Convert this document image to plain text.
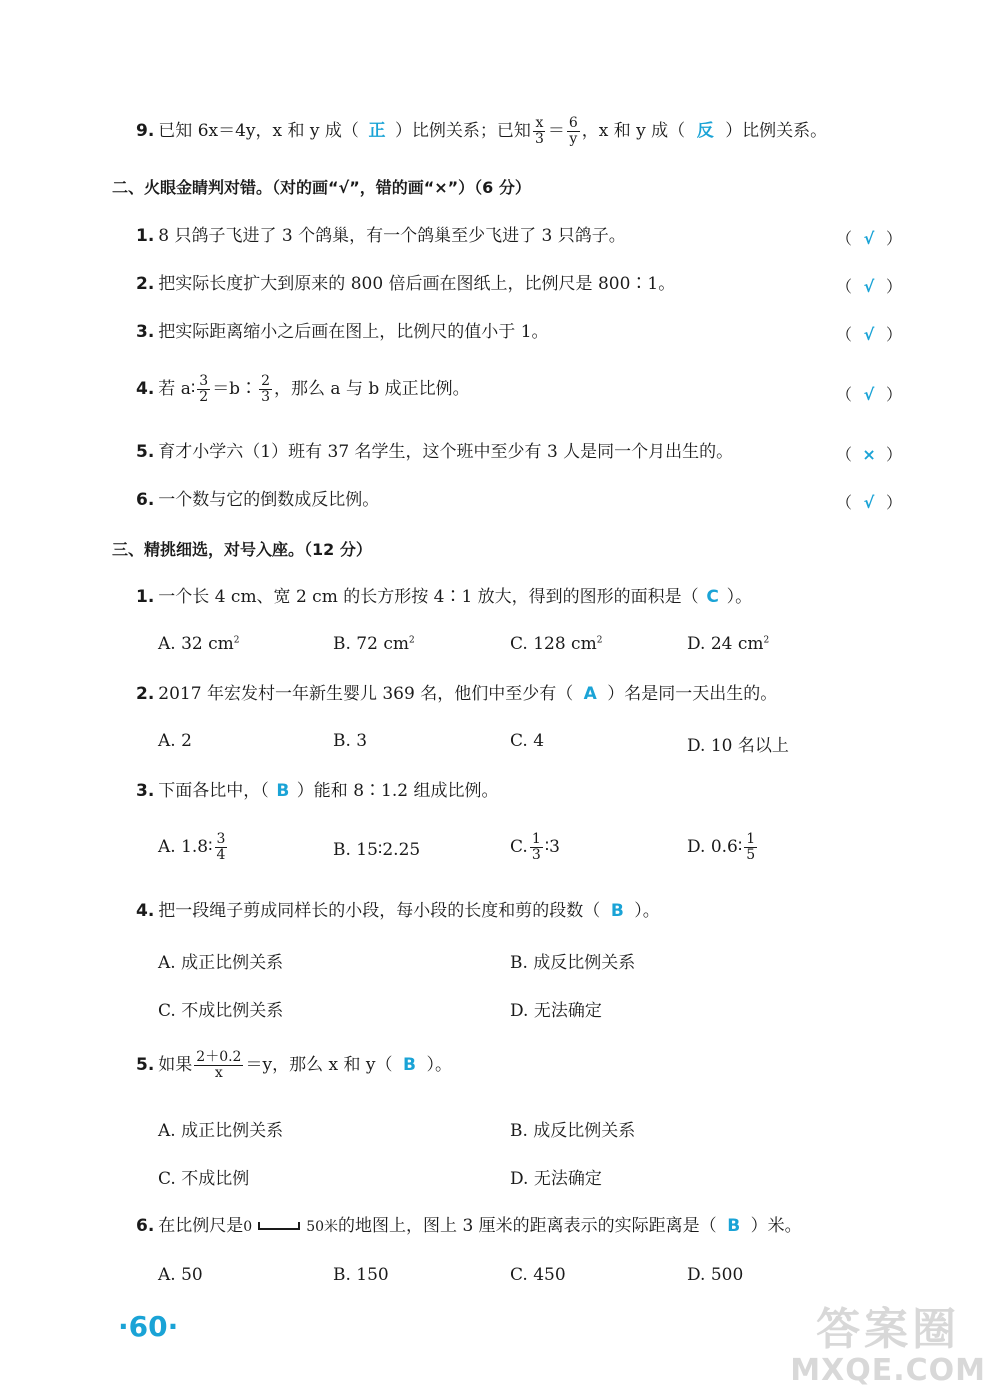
9. 已知 6x＝4y，x 和 y 成（ 正 ）比例关系；已知 $\frac{x}{3} = \frac{6}{y}$ ，x 和 y 成（ 反 ）比例关系。
二、火眼金睛判对错。（对的画“√”，错的画“×”）（6 分）
1. 8 只鸽子飞进了 3 个鸽巢，有一个鸽巢至少飞进了 3 只鸽子。	（ √ ）
2. 把实际长度扩大到原来的 800 倍后画在图纸上，比例尺是 800∶1。	（ √ ）
3. 把实际距离缩小之后画在图上，比例尺的值小于 1。	（ √ ）
4. 若 a∶ $\frac{3}{2}$ ＝b∶ $\frac{2}{3}$ ，那么 a 与 b 成正比例。	（ √ ）
5. 育才小学六（1）班有 37 名学生，这个班中至少有 3 人是同一个月出生的。	（ × ）
6. 一个数与它的倒数成反比例。	（ √ ）
三、精挑细选，对号入座。（12 分）
1. 一个长 4 cm、宽 2 cm 的长方形按 4∶1 放大，得到的图形的面积是（ C ）。
A. 32 $cm^2$	B. 72 $cm^2$	C. 128 $cm^2$	D. 24 $cm^2$
2. 2017 年宏发村一年新生婴儿 369 名，他们中至少有（ A ）名是同一天出生的。
A. 2	B. 3	C. 4	D. 10 名以上
3. 下面各比中，（ B ）能和 8∶1.2 组成比例。
A. 1.8∶ $\frac{3}{4}$	B. 15∶2.25	C. $\frac{1}{3}$ ∶3	D. 0.6∶ $\frac{1}{5}$
4. 把一段绳子剪成同样长的小段，每小段的长度和剪的段数（ B ）。
A. 成正比例关系	B. 成反比例关系
C. 不成比例关系	D. 无法确定
5. 如果 $\frac{2+0.2}{x} =y$，那么 x 和 y（ B ）。
A. 成正比例关系	B. 成反比例关系
C. 不成比例	D. 无法确定
6. 在比例尺是0	50米的地图上，图上 3 厘米的距离表示的实际距离是（ B ）米。
A. 50	B. 150	C. 450	D. 500
·60·	答案圈
MXQE.COM
